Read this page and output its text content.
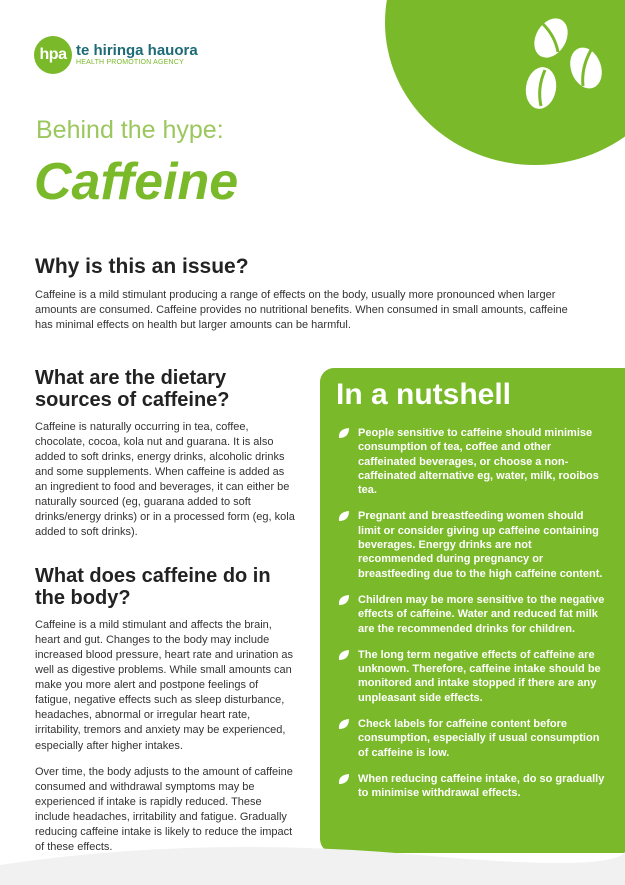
hpa te hiringa hauora
HEALTH PROMOTION AGENCY
Behind the hype:
Caffeine
Why is this an issue?

Caffeine is a mild stimulant producing a range of effects on the body, usually more pronounced when larger amounts are consumed. Caffeine provides no nutritional benefits. When consumed in small amounts, caffeine has minimal effects on health but larger amounts can be harmful.

What are the dietary sources of caffeine?

Caffeine is naturally occurring in tea, coffee, chocolate, cocoa, kola nut and guarana. It is also added to soft drinks, energy drinks, alcoholic drinks and some supplements. When caffeine is added as an ingredient to food and beverages, it can either be naturally sourced (eg, guarana added to soft drinks/energy drinks) or in a processed form (eg, kola added to soft drinks).

What does caffeine do in the body?

Caffeine is a mild stimulant and affects the brain, heart and gut. Changes to the body may include increased blood pressure, heart rate and urination as well as digestive problems. While small amounts can make you more alert and postpone feelings of fatigue, negative effects such as sleep disturbance, headaches, abnormal or irregular heart rate, irritability, tremors and anxiety may be experienced, especially after higher intakes.

Over time, the body adjusts to the amount of caffeine consumed and withdrawal symptoms may be experienced if intake is rapidly reduced. These include headaches, irritability and fatigue. Gradually reducing caffeine intake is likely to reduce the impact of these effects.

In a nutshell
People sensitive to caffeine should minimise consumption of tea, coffee and other caffeinated beverages, or choose a non-caffeinated alternative eg, water, milk, rooibos tea.
Pregnant and breastfeeding women should limit or consider giving up caffeine containing beverages. Energy drinks are not recommended during pregnancy or breastfeeding due to the high caffeine content.
Children may be more sensitive to the negative effects of caffeine. Water and reduced fat milk are the recommended drinks for children.
The long term negative effects of caffeine are unknown. Therefore, caffeine intake should be monitored and intake stopped if there are any unpleasant side effects.
Check labels for caffeine content before consumption, especially if usual consumption of caffeine is low.
When reducing caffeine intake, do so gradually to minimise withdrawal effects.
